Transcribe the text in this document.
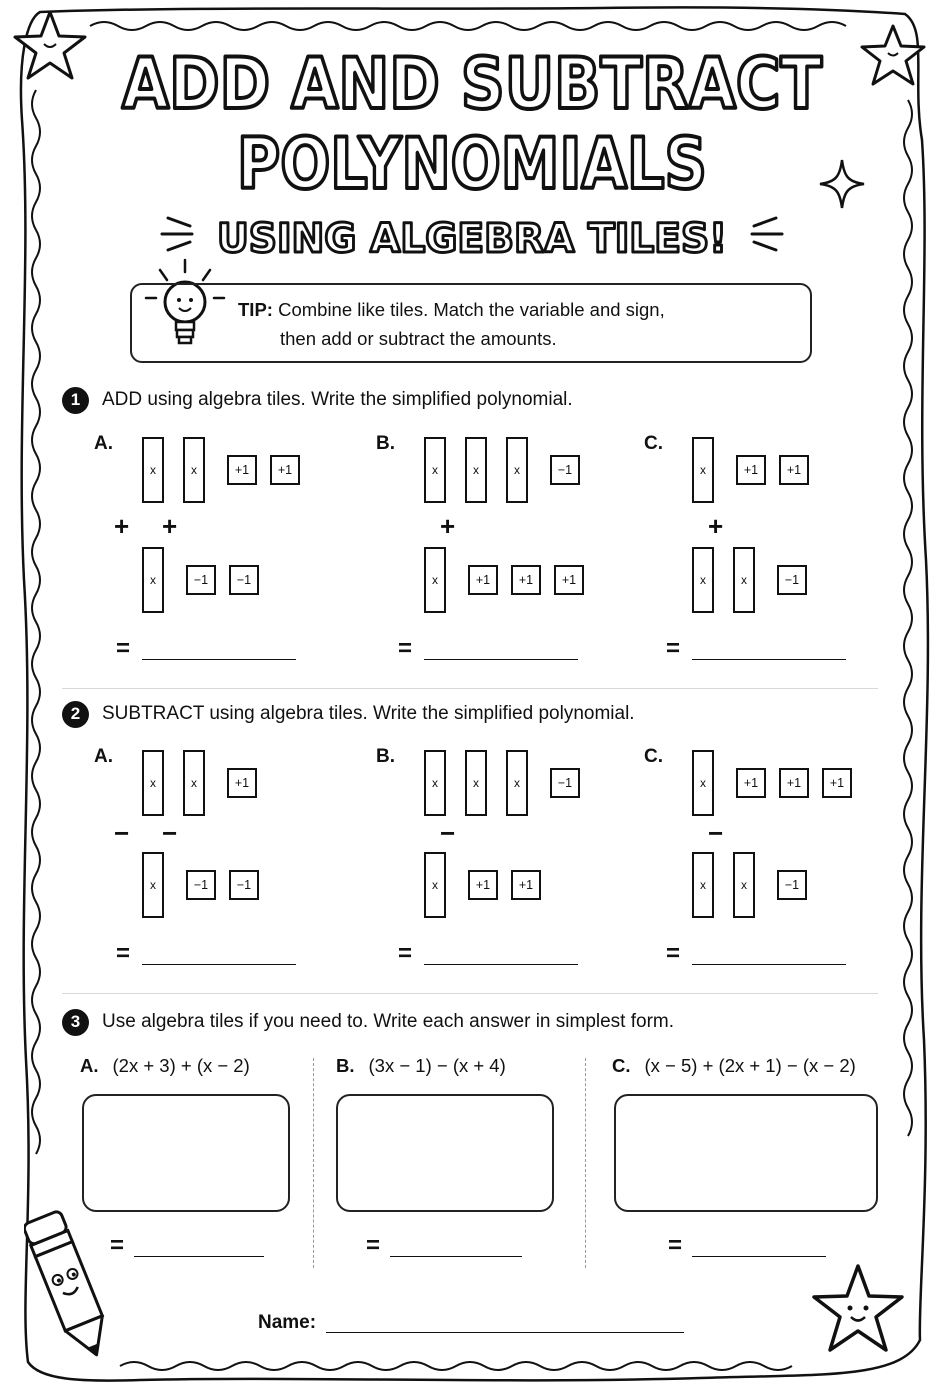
ADD AND SUBTRACT
POLYNOMIALS
USING ALGEBRA TILES!
TIP: Combine like tiles. Match the variable and sign,
then add or subtract the amounts.
1	ADD using algebra tiles. Write the simplified polynomial.
A.
x	x	+1 +1
x	−1 −1
+ +
=
B.
x	x	x	−1
x	+1 +1 +1
+
=
C.
x	+1 +1
x	x	−1
+
=
2	SUBTRACT using algebra tiles. Write the simplified polynomial.
A.
x	x	+1
x	−1 −1
− −
=
B.
x	x	x	−1
x	+1 +1
−
=
C.
x	+1 +1 +1
x	x	−1
−
=
3	Use algebra tiles if you need to. Write each answer in simplest form.
A. (2x + 3) + (x − 2)	B. (3x − 1) − (x + 4)	C. (x − 5) + (2x + 1) − (x − 2)
=	=	=
Name:
